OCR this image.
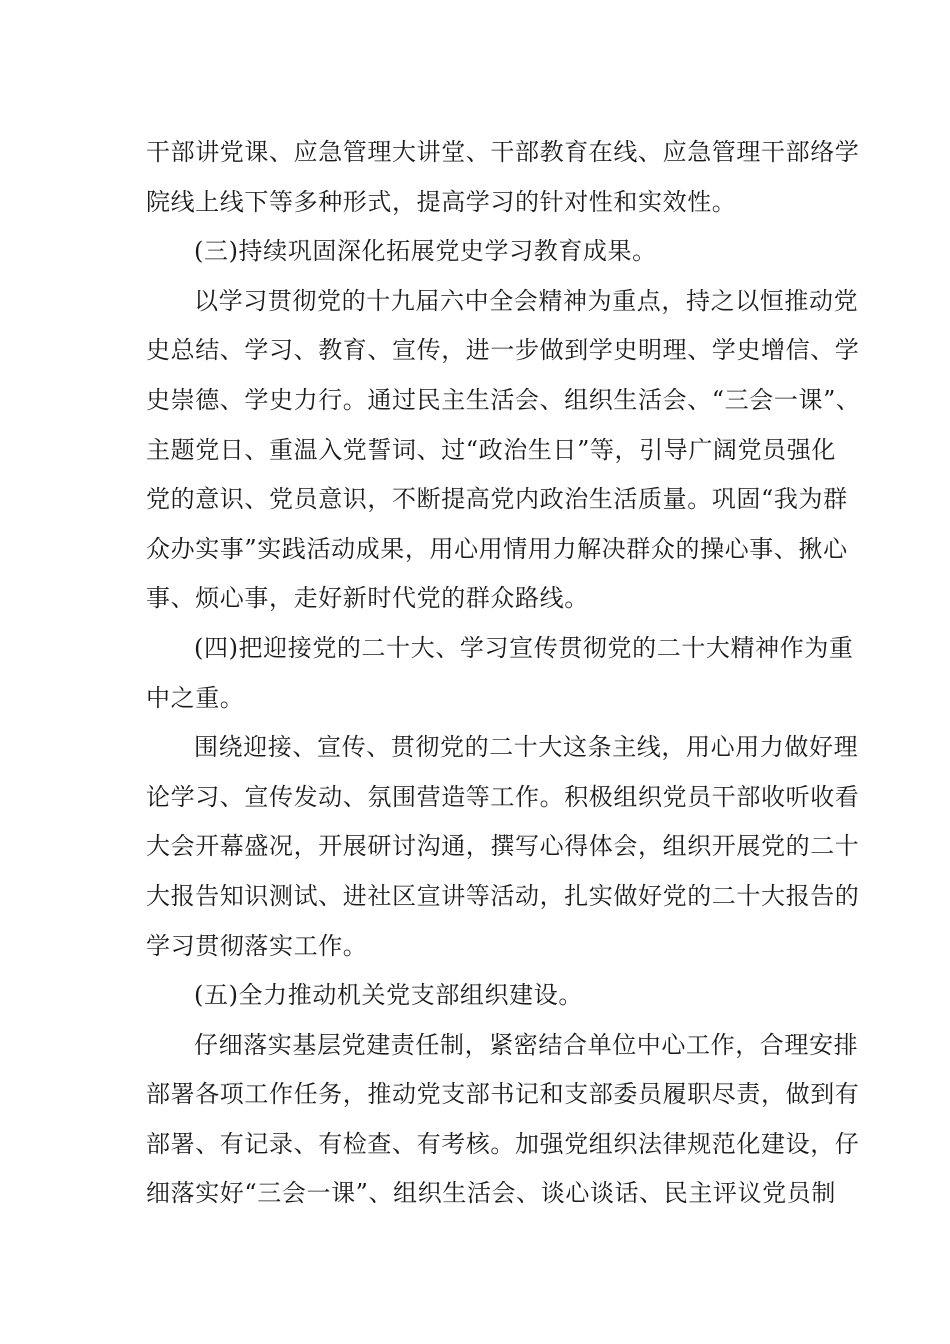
干部讲党课、应急管理大讲堂、干部教育在线、应急管理干部络学
院线上线下等多种形式，提高学习的针对性和实效性。
(三)持续巩固深化拓展党史学习教育成果。
以学习贯彻党的十九届六中全会精神为重点，持之以恒推动党
史总结、学习、教育、宣传，进一步做到学史明理、学史增信、学
史崇德、学史力行。通过民主生活会、组织生活会、“三会一课”、
主题党日、重温入党誓词、过“政治生日”等，引导广阔党员强化
党的意识、党员意识，不断提高党内政治生活质量。巩固“我为群
众办实事”实践活动成果，用心用情用力解决群众的操心事、揪心
事、烦心事，走好新时代党的群众路线。
(四)把迎接党的二十大、学习宣传贯彻党的二十大精神作为重
中之重。
围绕迎接、宣传、贯彻党的二十大这条主线，用心用力做好理
论学习、宣传发动、氛围营造等工作。积极组织党员干部收听收看
大会开幕盛况，开展研讨沟通，撰写心得体会，组织开展党的二十
大报告知识测试、进社区宣讲等活动，扎实做好党的二十大报告的
学习贯彻落实工作。
(五)全力推动机关党支部组织建设。
仔细落实基层党建责任制，紧密结合单位中心工作，合理安排
部署各项工作任务，推动党支部书记和支部委员履职尽责，做到有
部署、有记录、有检查、有考核。加强党组织法律规范化建设，仔
细落实好“三会一课”、组织生活会、谈心谈话、民主评议党员制
